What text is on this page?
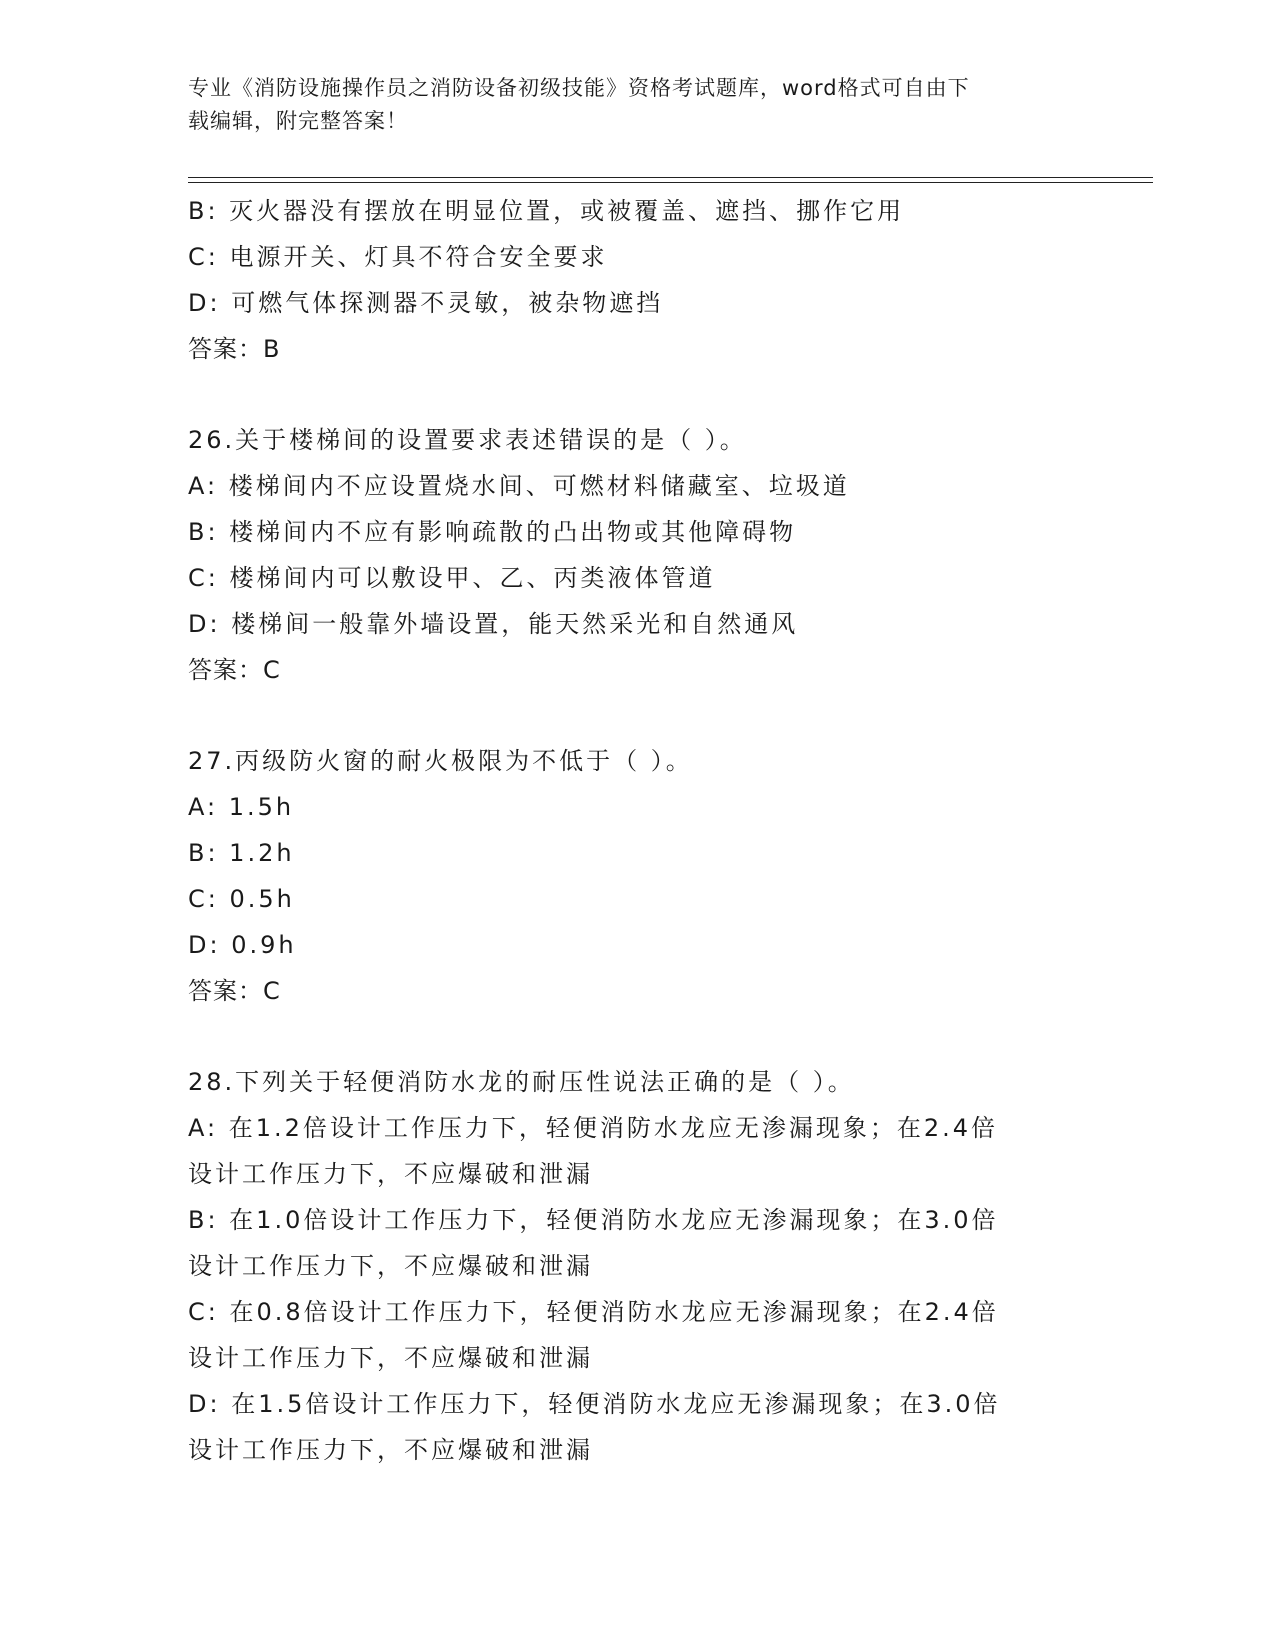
专业《消防设施操作员之消防设备初级技能》资格考试题库，word格式可自由下
载编辑，附完整答案！
B: 灭火器没有摆放在明显位置，或被覆盖、遮挡、挪作它用
C: 电源开关、灯具不符合安全要求
D: 可燃气体探测器不灵敏，被杂物遮挡
答案：B
26.关于楼梯间的设置要求表述错误的是（ ）。
A: 楼梯间内不应设置烧水间、可燃材料储藏室、垃圾道
B: 楼梯间内不应有影响疏散的凸出物或其他障碍物
C: 楼梯间内可以敷设甲、乙、丙类液体管道
D: 楼梯间一般靠外墙设置，能天然采光和自然通风
答案：C
27.丙级防火窗的耐火极限为不低于（ ）。
A: 1.5h
B: 1.2h
C: 0.5h
D: 0.9h
答案：C
28.下列关于轻便消防水龙的耐压性说法正确的是（ ）。
A: 在1.2倍设计工作压力下，轻便消防水龙应无渗漏现象；在2.4倍
设计工作压力下，不应爆破和泄漏
B: 在1.0倍设计工作压力下，轻便消防水龙应无渗漏现象；在3.0倍
设计工作压力下，不应爆破和泄漏
C: 在0.8倍设计工作压力下，轻便消防水龙应无渗漏现象；在2.4倍
设计工作压力下，不应爆破和泄漏
D: 在1.5倍设计工作压力下，轻便消防水龙应无渗漏现象；在3.0倍
设计工作压力下，不应爆破和泄漏
